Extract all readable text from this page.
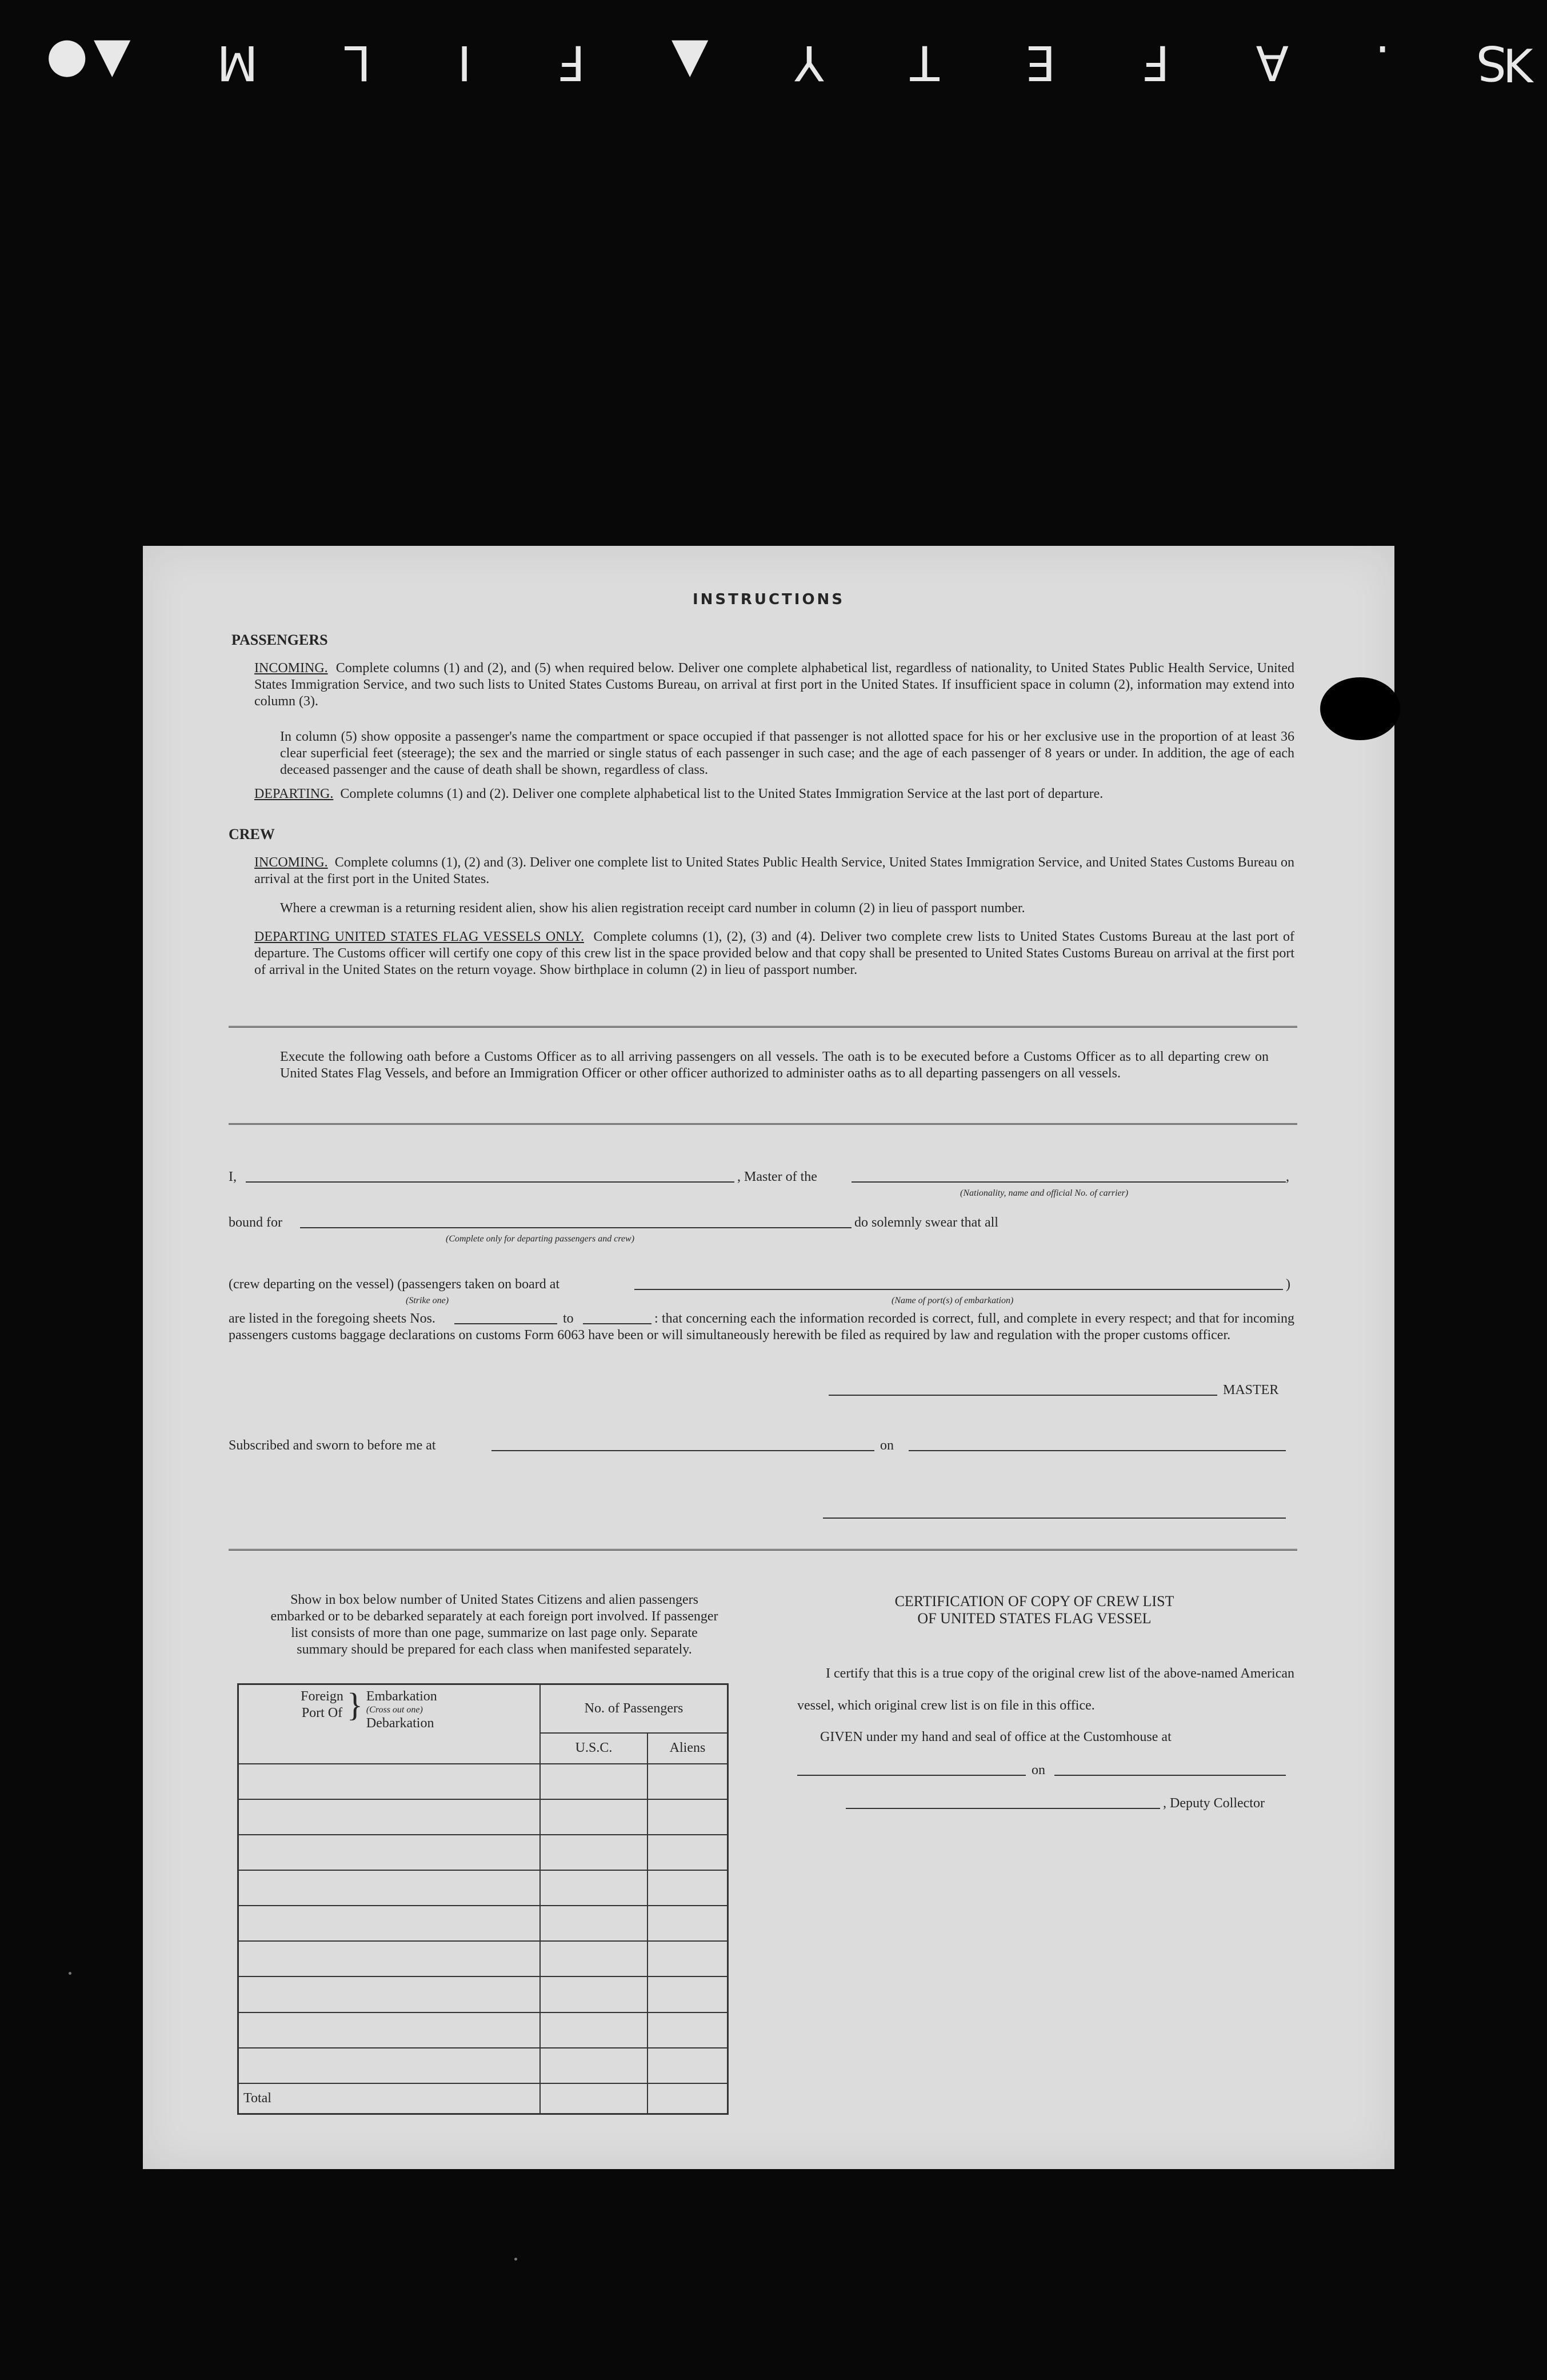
S
.
A
F
E
T
Y
▲
F
I
L
M
▲●	K
INSTRUCTIONS
PASSENGERS
INCOMING. Complete columns (1) and (2), and (5) when required below. Deliver one complete alphabetical list, regardless of nationality, to United States Public Health Service, United States Immigration Service, and two such lists to United States Customs Bureau, on arrival at first port in the United States. If insufficient space in column (2), information may extend into column (3).
In column (5) show opposite a passenger's name the compartment or space occupied if that passenger is not allotted space for his or her exclusive use in the proportion of at least 36 clear superficial feet (steerage); the sex and the married or single status of each passenger in such case; and the age of each passenger of 8 years or under. In addition, the age of each deceased passenger and the cause of death shall be shown, regardless of class.
DEPARTING. Complete columns (1) and (2). Deliver one complete alphabetical list to the United States Immigration Service at the last port of departure.
CREW
INCOMING. Complete columns (1), (2) and (3). Deliver one complete list to United States Public Health Service, United States Immigration Service, and United States Customs Bureau on arrival at the first port in the United States.
Where a crewman is a returning resident alien, show his alien registration receipt card number in column (2) in lieu of passport number.
DEPARTING UNITED STATES FLAG VESSELS ONLY. Complete columns (1), (2), (3) and (4). Deliver two complete crew lists to United States Customs Bureau at the last port of departure. The Customs officer will certify one copy of this crew list in the space provided below and that copy shall be presented to United States Customs Bureau on arrival at the first port of arrival in the United States on the return voyage. Show birthplace in column (2) in lieu of passport number.
Execute the following oath before a Customs Officer as to all arriving passengers on all vessels. The oath is to be executed before a Customs Officer as to all departing crew on United States Flag Vessels, and before an Immigration Officer or other officer authorized to administer oaths as to all departing passengers on all vessels.
I,	, Master of the	,
(Nationality, name and official No. of carrier)
bound for	do solemnly swear that all
(Complete only for departing passengers and crew)
(crew departing on the vessel) (passengers taken on board at	)
(Strike one)	(Name of port(s) of embarkation)
are listed in the foregoing sheets Nos.	to	: that concerning each the information recorded is correct, full, and complete in every respect; and that for incoming passengers customs baggage declarations on customs Form 6063 have been or will simultaneously herewith be filed as required by law and regulation with the proper customs officer.
MASTER
Subscribed and sworn to before me at	on
Show in box below number of United States Citizens and alien passengers embarked or to be debarked separately at each foreign port involved. If passenger list consists of more than one page, summarize on last page only. Separate summary should be prepared for each class when manifested separately.
Foreign Port Of } Embarkation
(Cross out one)
Debarkation	No. of Passengers	
	U.S.C.	Aliens

Total		
CERTIFICATION OF COPY OF CREW LIST
OF UNITED STATES FLAG VESSEL
I certify that this is a true copy of the original crew list of the above-named American vessel, which original crew list is on file in this office.
GIVEN under my hand and seal of office at the Customhouse at
on
, Deputy Collector
